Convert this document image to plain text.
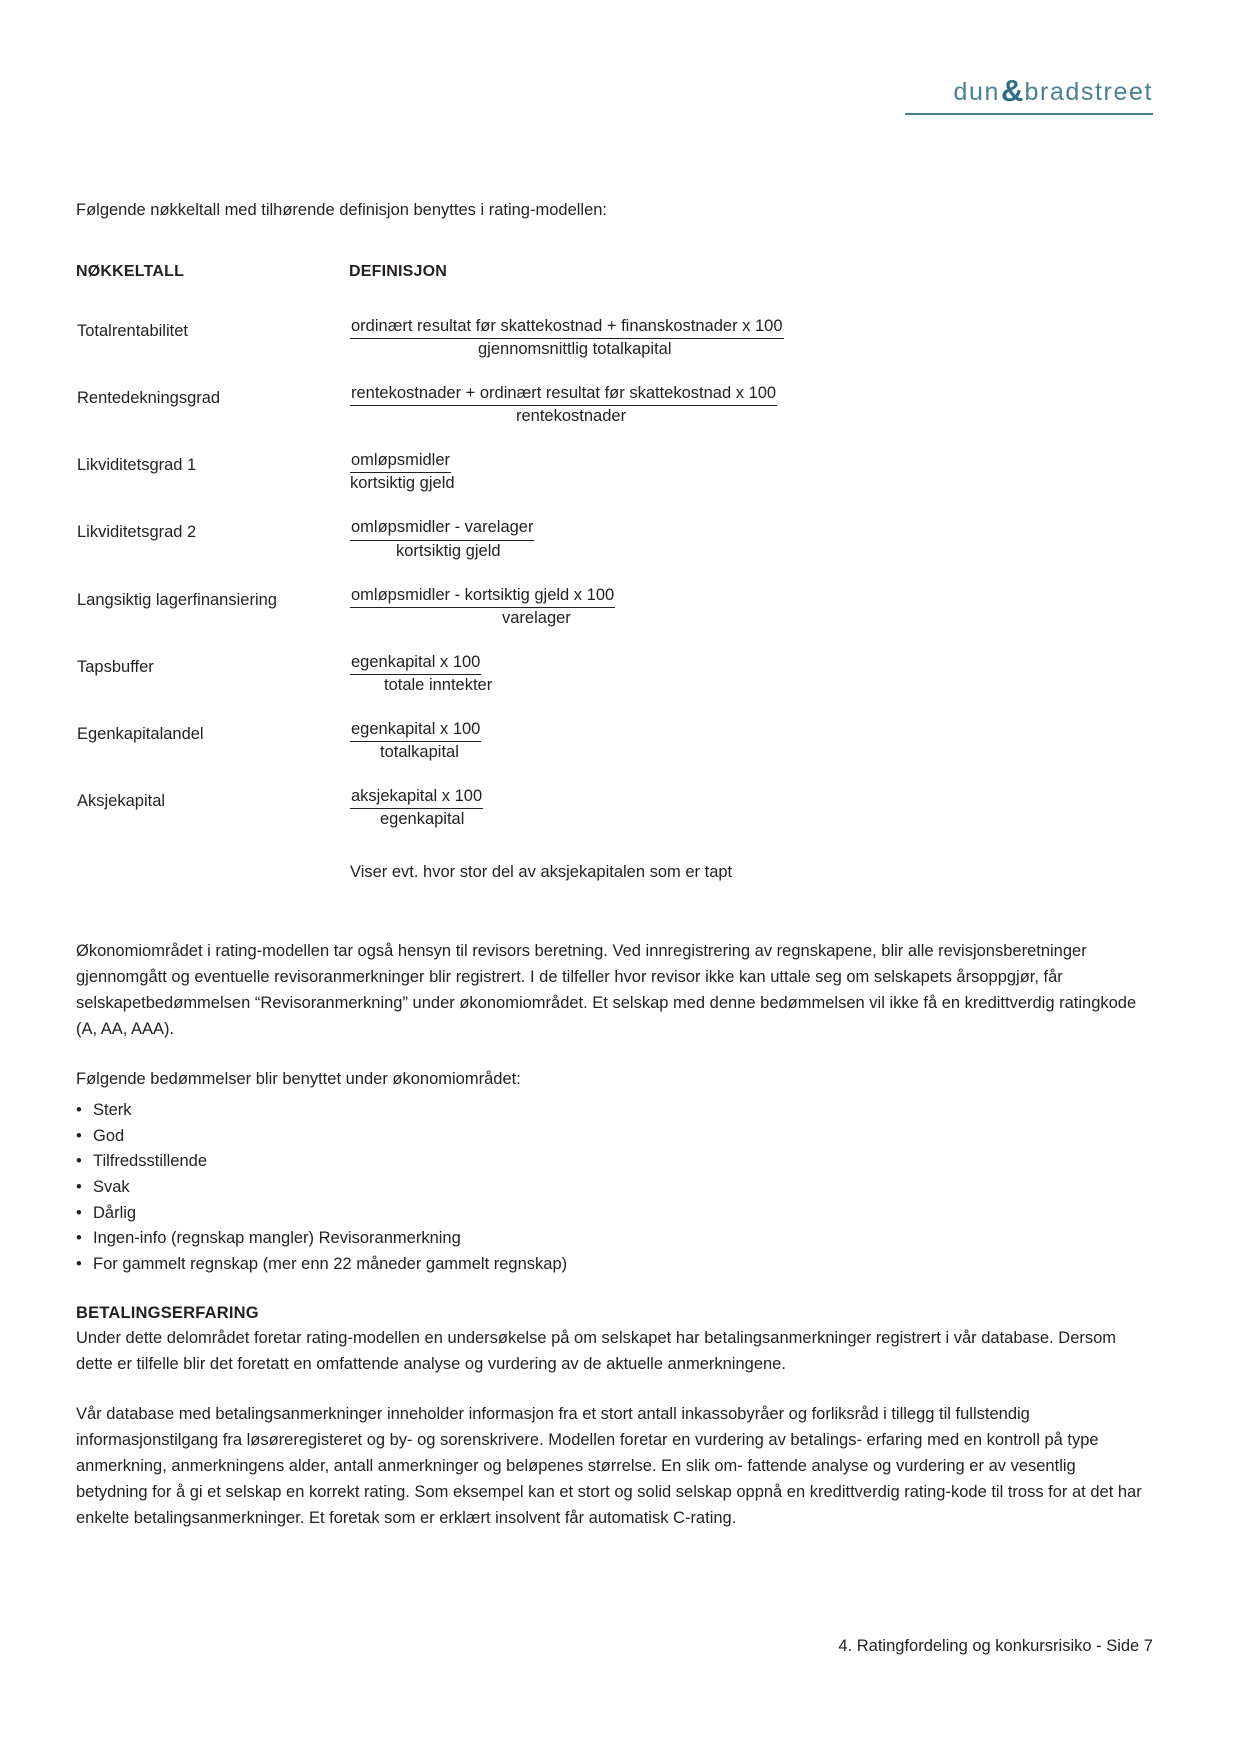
dun & bradstreet

Følgende nøkkeltall med tilhørende definisjon benyttes i rating-modellen:

NØKKELTALL	DEFINISJON
Totalrentabilitet	ordinært resultat før skattekostnad + finanskostnader x 100
gjennomsnittlig totalkapital

Rentedekningsgrad	rentekostnader + ordinært resultat før skattekostnad x 100
rentekostnader

Likviditetsgrad 1	omløpsmidler
kortsiktig gjeld

Likviditetsgrad 2	omløpsmidler - varelager
kortsiktig gjeld

Langsiktig lagerfinansiering	omløpsmidler - kortsiktig gjeld x 100
varelager

Tapsbuffer	egenkapital x 100
totale inntekter

Egenkapitalandel	egenkapital x 100
totalkapital

Aksjekapital	aksjekapital x 100
egenkapital

	Viser evt. hvor stor del av aksjekapitalen som er tapt

Økonomiområdet i rating-modellen tar også hensyn til revisors beretning. Ved innregistrering av regnskapene, blir alle revisjonsberetninger gjennomgått og eventuelle revisoranmerkninger blir registrert. I de tilfeller hvor revisor ikke kan uttale seg om selskapets årsoppgjør, får selskapetbedømmelsen “Revisoranmerkning” under økonomiområdet. Et selskap med denne bedømmelsen vil ikke få en kredittverdig ratingkode (A, AA, AAA).

Følgende bedømmelser blir benyttet under økonomiområdet:

• Sterk
• God
• Tilfredsstillende
• Svak
• Dårlig
• Ingen-info (regnskap mangler) Revisoranmerkning
• For gammelt regnskap (mer enn 22 måneder gammelt regnskap)
BETALINGSERFARING

Under dette delområdet foretar rating-modellen en undersøkelse på om selskapet har betalingsanmerkninger registrert i vår database. Dersom dette er tilfelle blir det foretatt en omfattende analyse og vurdering av de aktuelle anmerkningene.

Vår database med betalingsanmerkninger inneholder informasjon fra et stort antall inkassobyråer og forliksråd i tillegg til fullstendig informasjonstilgang fra løsøreregisteret og by- og sorenskrivere. Modellen foretar en vurdering av betalings- erfaring med en kontroll på type anmerkning, anmerkningens alder, antall anmerkninger og beløpenes størrelse. En slik om- fattende analyse og vurdering er av vesentlig betydning for å gi et selskap en korrekt rating. Som eksempel kan et stort og solid selskap oppnå en kredittverdig rating-kode til tross for at det har enkelte betalingsanmerkninger. Et foretak som er erklært insolvent får automatisk C-rating.

4. Ratingfordeling og konkursrisiko - Side 7
